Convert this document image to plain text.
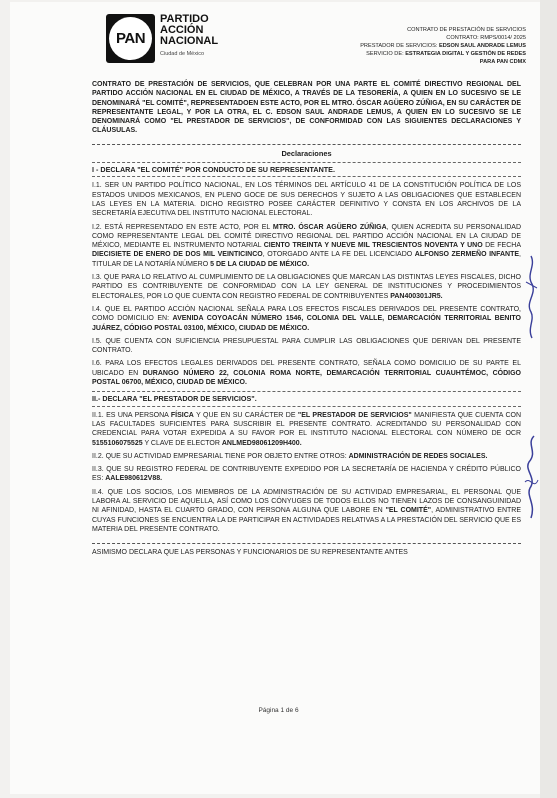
PAN
PARTIDO
ACCIÓN
NACIONAL
Ciudad de México
CONTRATO DE PRESTACIÓN DE SERVICIOS
CONTRATO: RMPS/0014/ 2025
PRESTADOR DE SERVICIOS: EDSON SAUL ANDRADE LEMUS
SERVICIO DE: ESTRATEGIA DIGITAL Y GESTIÓN DE REDES
PARA PAN CDMX

CONTRATO DE PRESTACIÓN DE SERVICIOS, QUE CELEBRAN POR UNA PARTE EL COMITÉ DIRECTIVO REGIONAL DEL PARTIDO ACCIÓN NACIONAL EN EL CIUDAD DE MÉXICO, A TRAVÉS DE LA TESORERÍA, A QUIEN EN LO SUCESIVO SE LE DENOMINARÁ "EL COMITÉ", REPRESENTADOEN ESTE ACTO, POR EL MTRO. ÓSCAR AGÜERO ZÚÑIGA, EN SU CARÁCTER DE REPRESENTANTE LEGAL, Y POR LA OTRA, EL C. EDSON SAUL ANDRADE LEMUS, A QUIEN EN LO SUCESIVO SE LE DENOMINARÁ COMO "EL PRESTADOR DE SERVICIOS", DE CONFORMIDAD CON LAS SIGUIENTES DECLARACIONES Y CLÁUSULAS.

Declaraciones
I - DECLARA "EL COMITÉ" POR CONDUCTO DE SU REPRESENTANTE.

I.1. SER UN PARTIDO POLÍTICO NACIONAL, EN LOS TÉRMINOS DEL ARTÍCULO 41 DE LA CONSTITUCIÓN POLÍTICA DE LOS ESTADOS UNIDOS MEXICANOS, EN PLENO GOCE DE SUS DERECHOS Y SUJETO A LAS OBLIGACIONES QUE ESTABLECEN LAS LEYES EN LA MATERIA. DICHO REGISTRO POSEE CARÁCTER DEFINITIVO Y CONSTA EN LOS ARCHIVOS DE LA SECRETARÍA EJECUTIVA DEL INSTITUTO NACIONAL ELECTORAL.

I.2. ESTÁ REPRESENTADO EN ESTE ACTO, POR EL MTRO. ÓSCAR AGÜERO ZÚÑIGA, QUIEN ACREDITA SU PERSONALIDAD COMO REPRESENTANTE LEGAL DEL COMITÉ DIRECTIVO REGIONAL DEL PARTIDO ACCIÓN NACIONAL EN LA CIUDAD DE MÉXICO, MEDIANTE EL INSTRUMENTO NOTARIAL CIENTO TREINTA Y NUEVE MIL TRESCIENTOS NOVENTA Y UNO DE FECHA DIECISIETE DE ENERO DE DOS MIL VEINTICINCO, OTORGADO ANTE LA FE DEL LICENCIADO ALFONSO ZERMEÑO INFANTE, TITULAR DE LA NOTARÍA NÚMERO 5 DE LA CIUDAD DE MÉXICO.

I.3. QUE PARA LO RELATIVO AL CUMPLIMIENTO DE LA OBLIGACIONES QUE MARCAN LAS DISTINTAS LEYES FISCALES, DICHO PARTIDO ES CONTRIBUYENTE DE CONFORMIDAD CON LA LEY GENERAL DE INSTITUCIONES Y PROCEDIMIENTOS ELECTORALES, POR LO QUE CUENTA CON REGISTRO FEDERAL DE CONTRIBUYENTES PAN400301JR5.

I.4. QUE EL PARTIDO ACCIÓN NACIONAL SEÑALA PARA LOS EFECTOS FISCALES DERIVADOS DEL PRESENTE CONTRATO, COMO DOMICILIO EN: AVENIDA COYOACÁN NÚMERO 1546, COLONIA DEL VALLE, DEMARCACIÓN TERRITORIAL BENITO JUÁREZ, CÓDIGO POSTAL 03100, MÉXICO, CIUDAD DE MÉXICO.

I.5. QUE CUENTA CON SUFICIENCIA PRESUPUESTAL PARA CUMPLIR LAS OBLIGACIONES QUE DERIVAN DEL PRESENTE CONTRATO.

I.6. PARA LOS EFECTOS LEGALES DERIVADOS DEL PRESENTE CONTRATO, SEÑALA COMO DOMICILIO DE SU PARTE EL UBICADO EN DURANGO NÚMERO 22, COLONIA ROMA NORTE, DEMARCACIÓN TERRITORIAL CUAUHTÉMOC, CÓDIGO POSTAL 06700, MÉXICO, CIUDAD DE MÉXICO.

II.- DECLARA "EL PRESTADOR DE SERVICIOS".

II.1. ES UNA PERSONA FÍSICA Y QUE EN SU CARÁCTER DE "EL PRESTADOR DE SERVICIOS" MANIFIESTA QUE CUENTA CON LAS FACULTADES SUFICIENTES PARA SUSCRIBIR EL PRESENTE CONTRATO. ACREDITANDO SU PERSONALIDAD CON CREDENCIAL PARA VOTAR EXPEDIDA A SU FAVOR POR EL INSTITUTO NACIONAL ELECTORAL CON NÚMERO DE OCR 5155106075525 Y CLAVE DE ELECTOR ANLMED98061209H400.

II.2. QUE SU ACTIVIDAD EMPRESARIAL TIENE POR OBJETO ENTRE OTROS: ADMINISTRACIÓN DE REDES SOCIALES.

II.3. QUE SU REGISTRO FEDERAL DE CONTRIBUYENTE EXPEDIDO POR LA SECRETARÍA DE HACIENDA Y CRÉDITO PÚBLICO ES: AALE980612V88.

II.4. QUE LOS SOCIOS, LOS MIEMBROS DE LA ADMINISTRACIÓN DE SU ACTIVIDAD EMPRESARIAL, EL PERSONAL QUE LABORA AL SERVICIO DE AQUELLA, ASÍ COMO LOS CÓNYUGES DE TODOS ELLOS NO TIENEN LAZOS DE CONSANGUINIDAD NI AFINIDAD, HASTA EL CUARTO GRADO, CON PERSONA ALGUNA QUE LABORE EN "EL COMITÉ", ADMINISTRATIVO ENTRE CUYAS FUNCIONES SE ENCUENTRA LA DE PARTICIPAR EN ACTIVIDADES RELATIVAS A LA PRESTACIÓN DEL SERVICIO QUE ES MATERIA DEL PRESENTE CONTRATO.

ASIMISMO DECLARA QUE LAS PERSONAS Y FUNCIONARIOS DE SU REPRESENTANTE ANTES

Página 1 de 6
